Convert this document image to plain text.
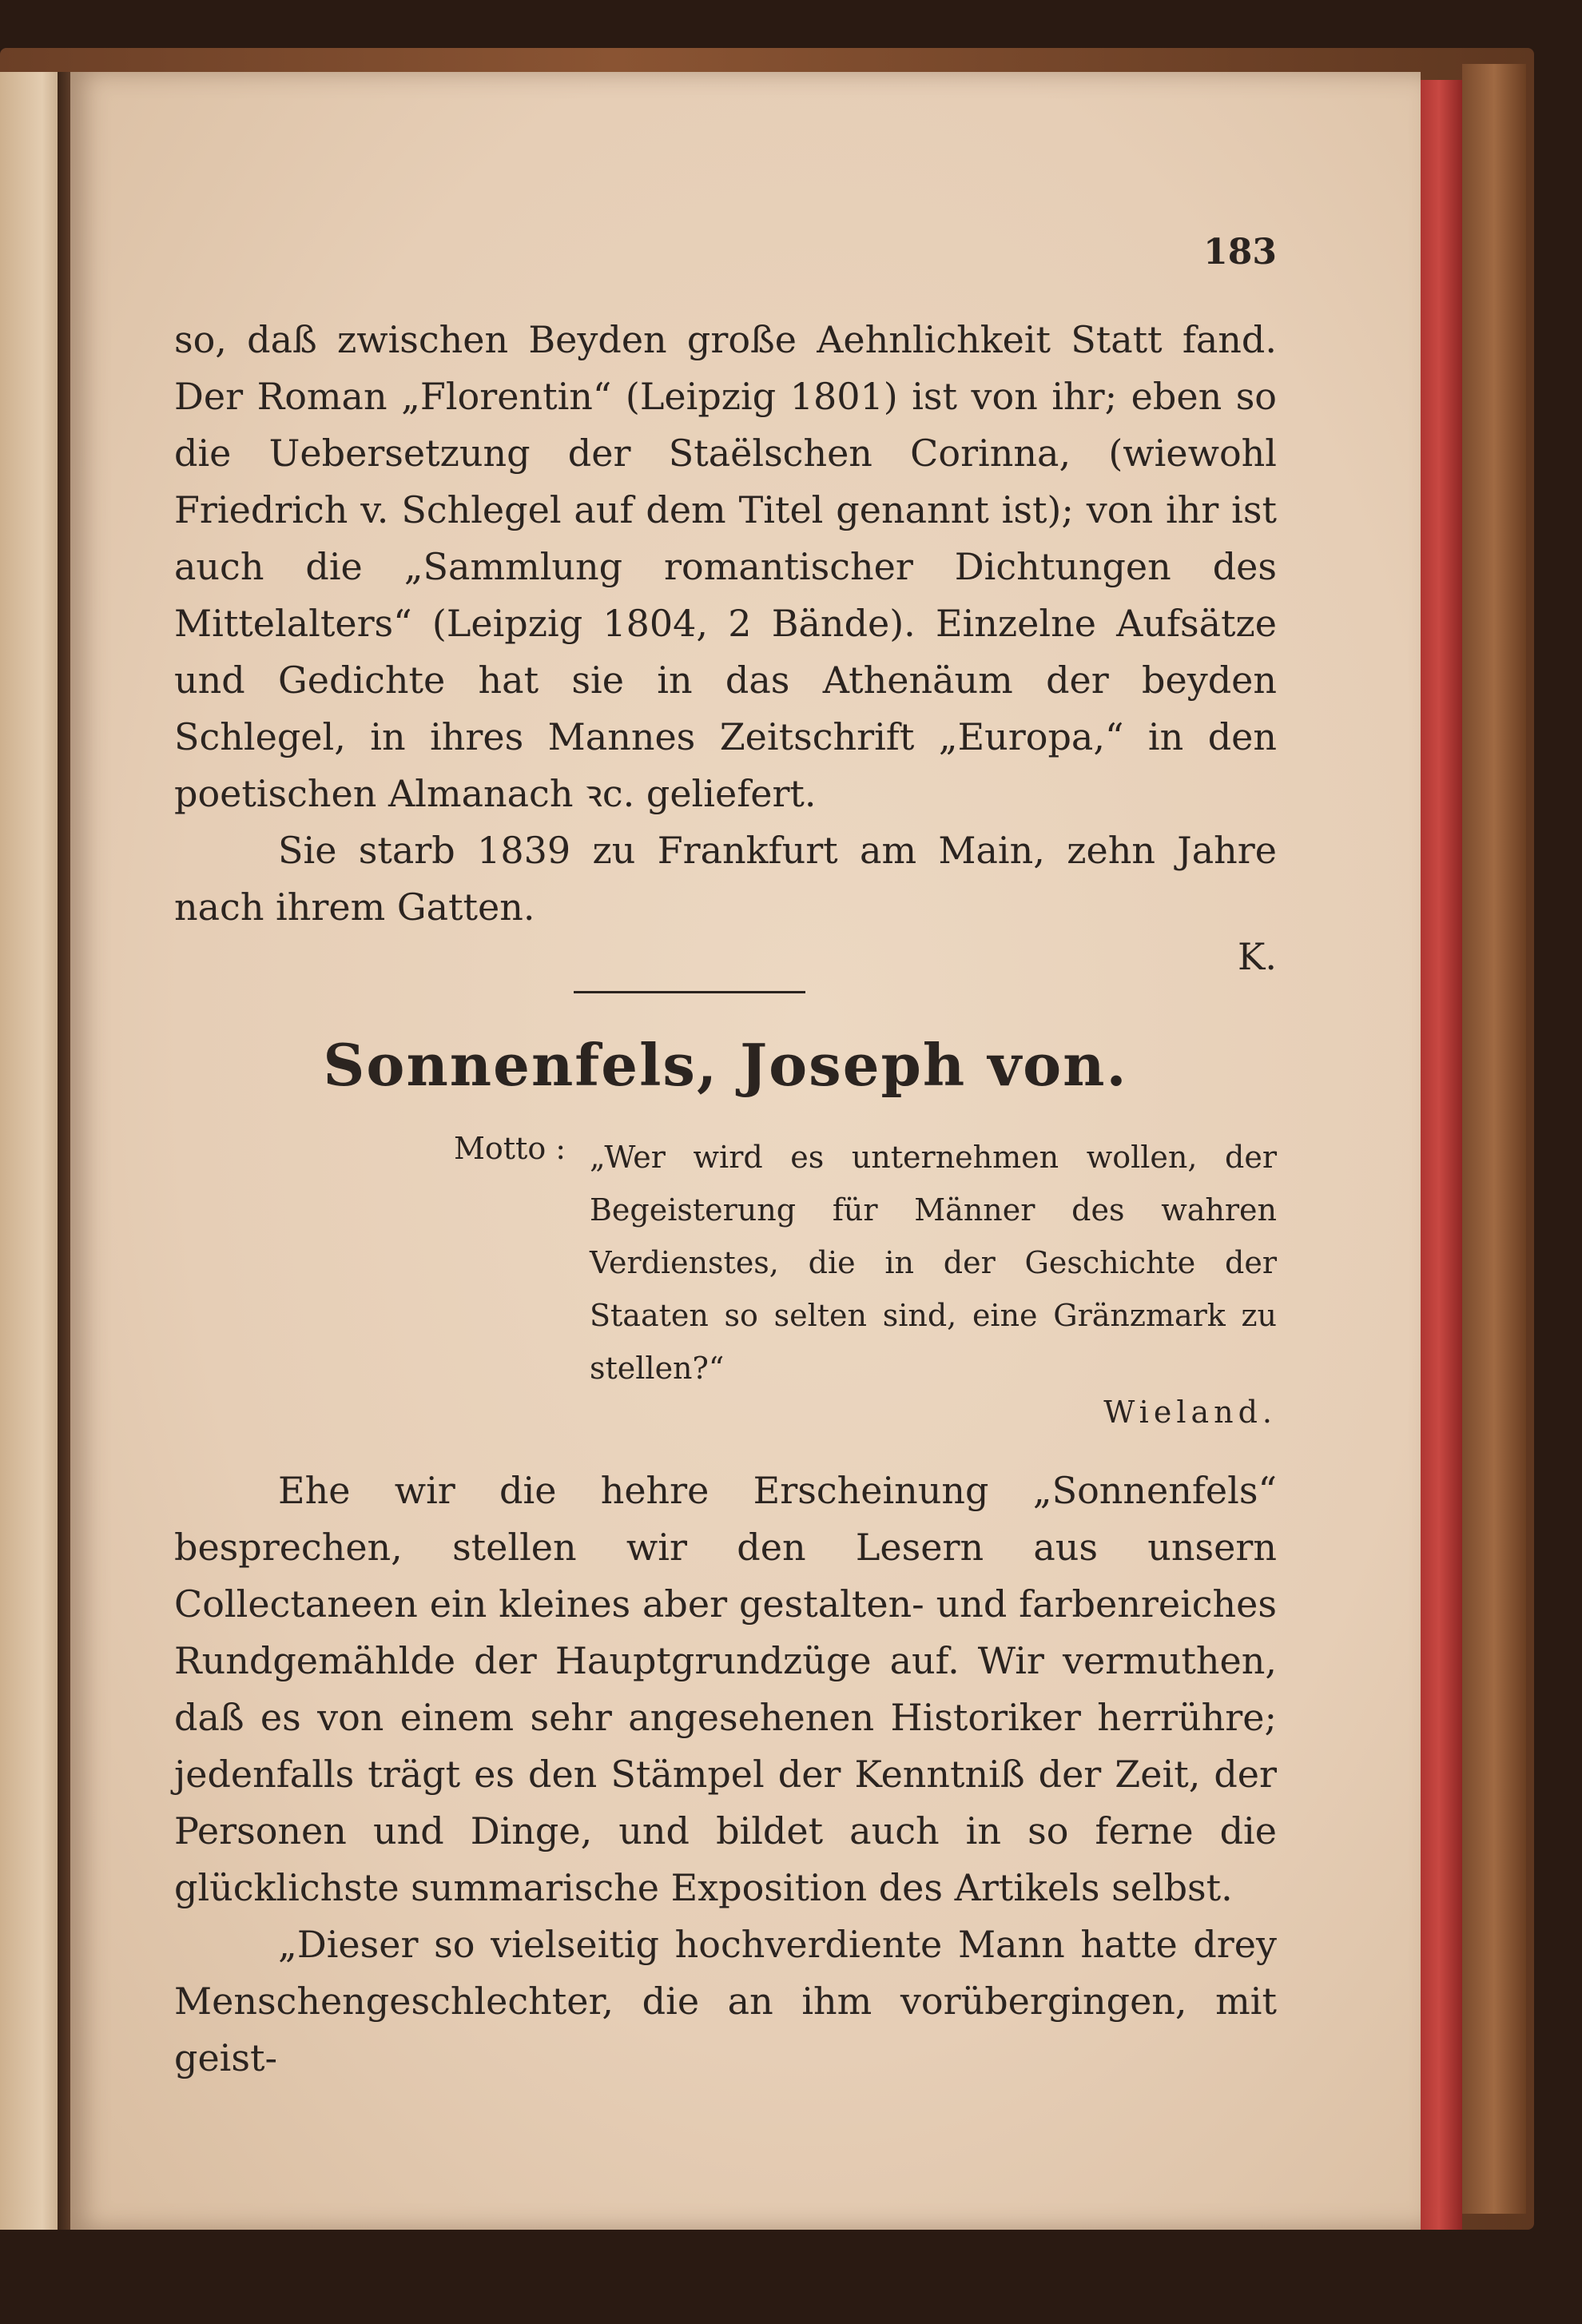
183

so, daß zwischen Beyden große Aehnlichkeit Statt fand. Der Roman „Florentin“ (Leipzig 1801) ist von ihr; eben so die Uebersetzung der Staëlschen Corinna, (wiewohl Friedrich v. Schlegel auf dem Titel genannt ist); von ihr ist auch die „Sammlung romantischer Dichtungen des Mittelalters“ (Leipzig 1804, 2 Bände). Einzelne Aufsätze und Gedichte hat sie in das Athenäum der beyden Schlegel, in ihres Mannes Zeitschrift „Europa,“ in den poetischen Almanach ꝛc. geliefert.

Sie starb 1839 zu Frankfurt am Main, zehn Jahre nach ihrem Gatten.

K.
Sonnenfels, Joseph von.
Motto : „Wer wird es unternehmen wollen, der Begeisterung für Männer des wahren Verdienstes, die in der Geschichte der Staaten so selten sind, eine Gränzmark zu stellen?“

Wieland.

Ehe wir die hehre Erscheinung „Sonnenfels“ besprechen, stellen wir den Lesern aus unsern Collectaneen ein kleines aber gestalten- und farbenreiches Rundgemählde der Hauptgrundzüge auf. Wir vermuthen, daß es von einem sehr angesehenen Historiker herrühre; jedenfalls trägt es den Stämpel der Kenntniß der Zeit, der Personen und Dinge, und bildet auch in so ferne die glücklichste summarische Exposition des Artikels selbst.

„Dieser so vielseitig hochverdiente Mann hatte drey Menschengeschlechter, die an ihm vorübergingen, mit geist-
